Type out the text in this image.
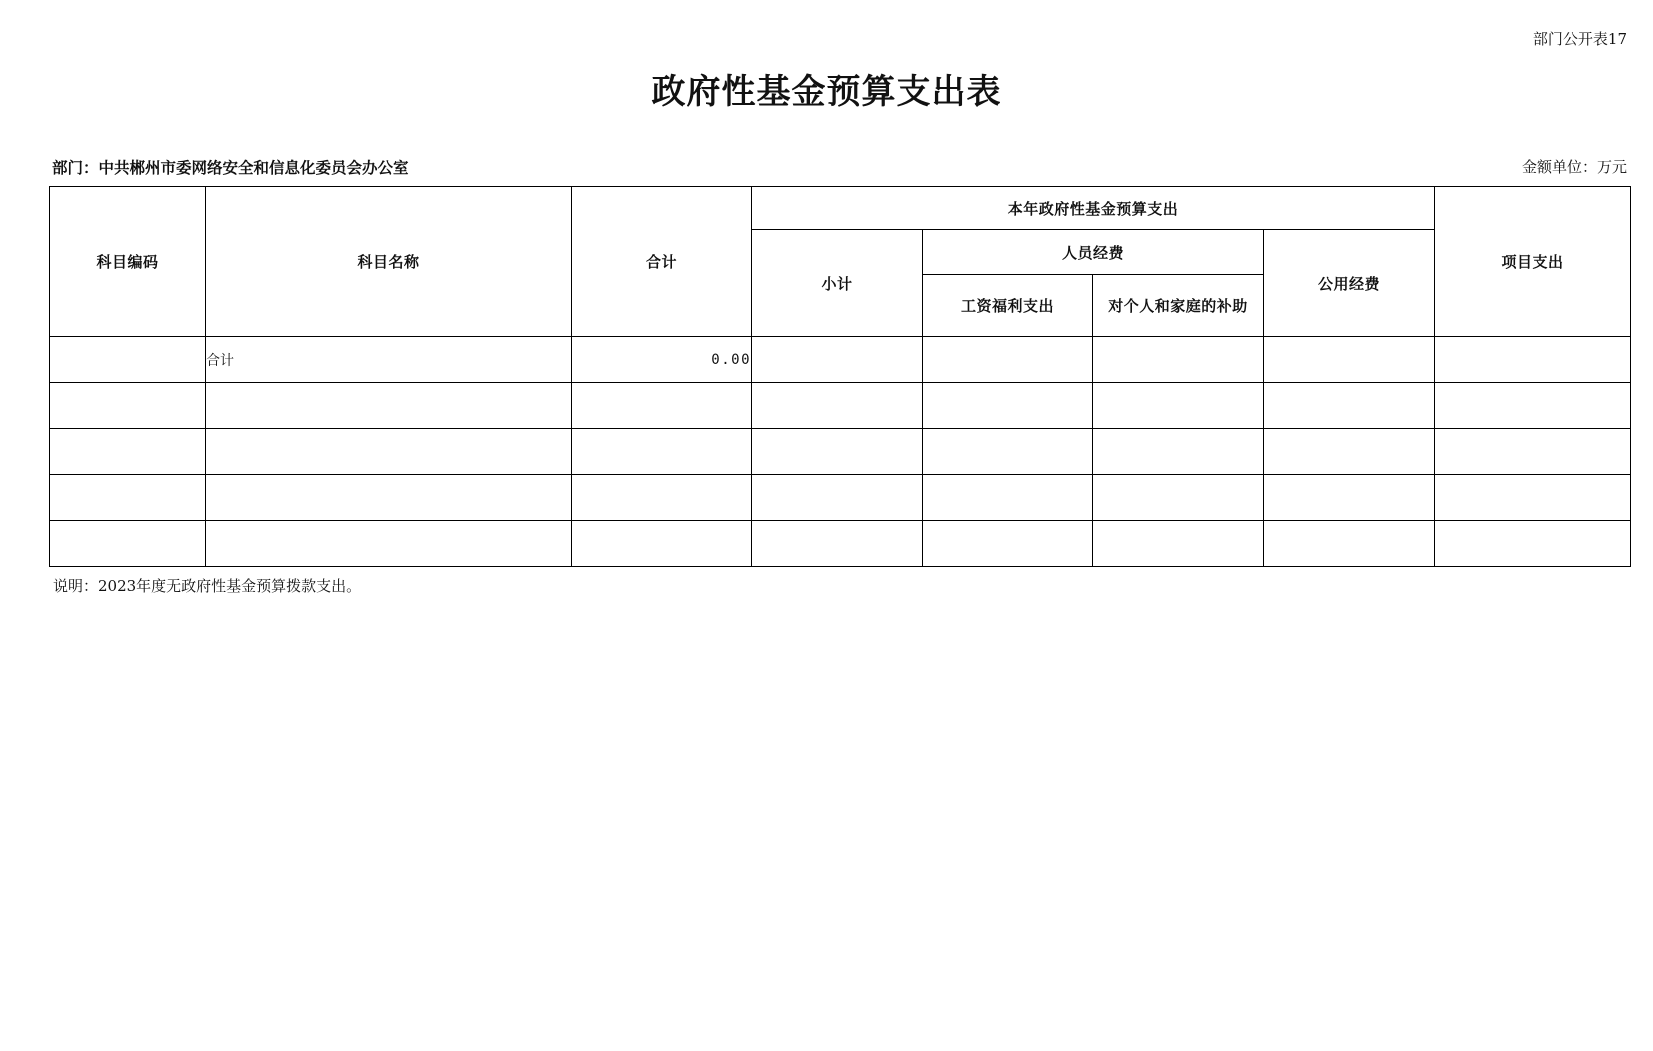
部门公开表17
政府性基金预算支出表
部门：中共郴州市委网络安全和信息化委员会办公室	金额单位：万元
科目编码	科目名称	合计	本年政府性基金预算支出				项目支出
			小计	人员经费		公用经费	
				工资福利支出	对个人和家庭的补助		
	合计	0.00					

说明：2023年度无政府性基金预算拨款支出。
